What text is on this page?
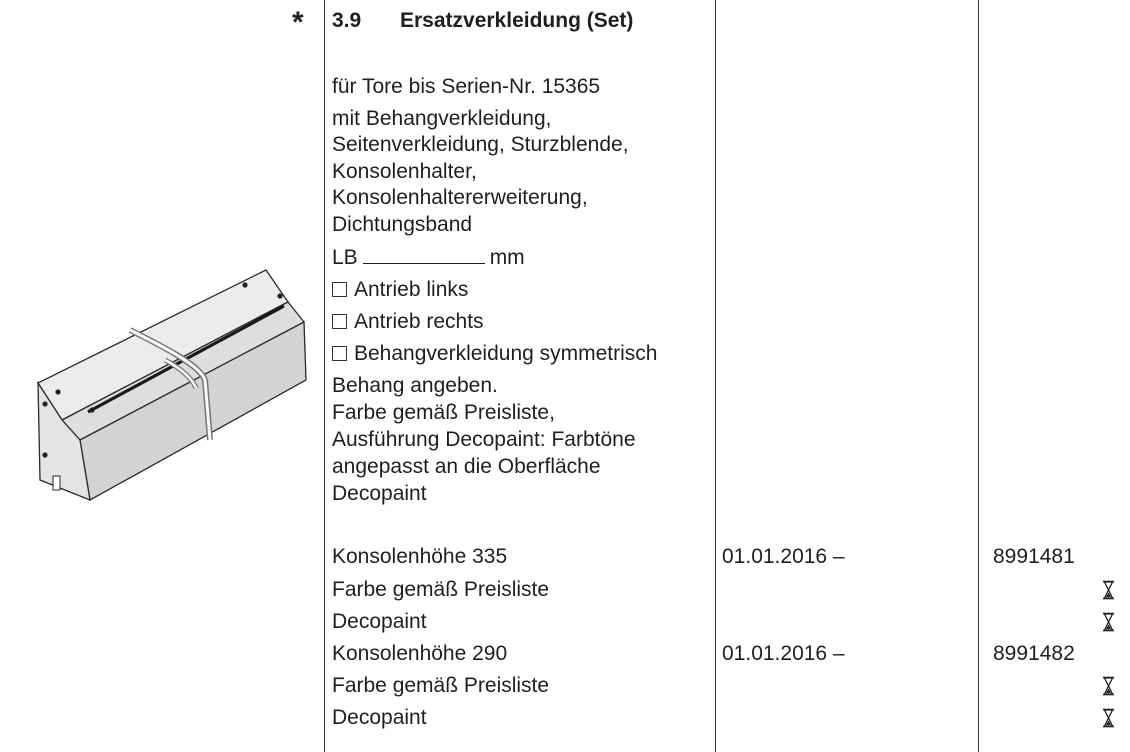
* 3.9 Ersatzverkleidung (Set)
für Tore bis Serien-Nr. 15365
mit Behangverkleidung,
Seitenverkleidung, Sturzblende,
Konsolenhalter,
Konsolenhaltererweiterung,
Dichtungsband
LB	mm
Antrieb links
Antrieb rechts
Behangverkleidung symmetrisch
Behang angeben.
Farbe gemäß Preisliste,
Ausführung Decopaint: Farbtöne
angepasst an die Oberfläche
Decopaint
Konsolenhöhe 335	01.01.2016 –	8991481
Farbe gemäß Preisliste
Decopaint
Konsolenhöhe 290	01.01.2016 –	8991482
Farbe gemäß Preisliste
Decopaint
